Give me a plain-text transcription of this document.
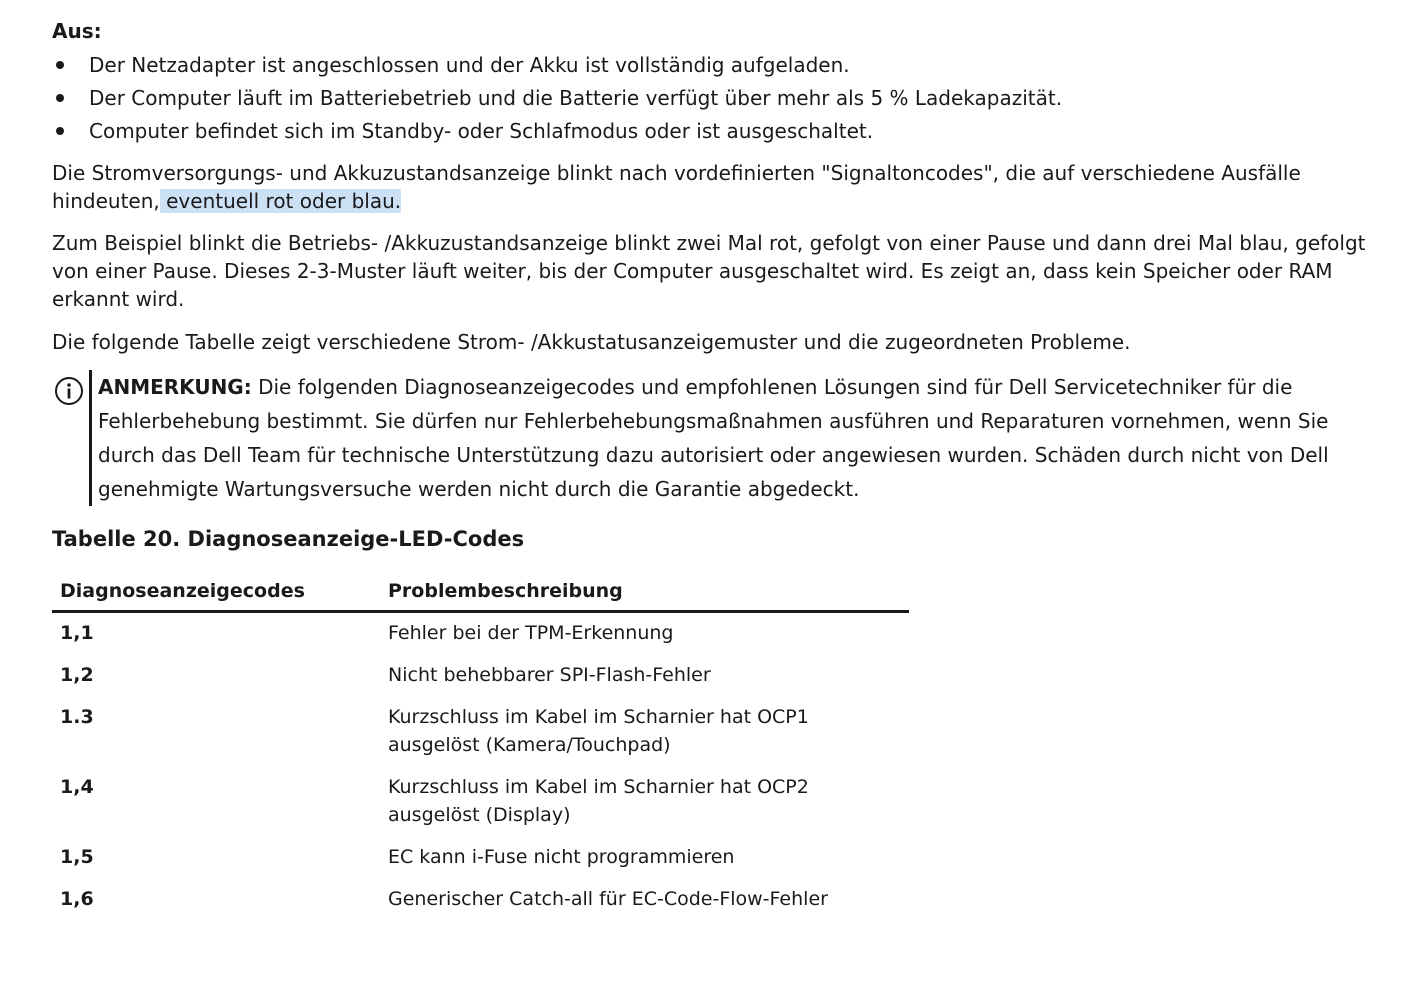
Aus:
Der Netzadapter ist angeschlossen und der Akku ist vollständig aufgeladen.
Der Computer läuft im Batteriebetrieb und die Batterie verfügt über mehr als 5 % Ladekapazität.
Computer befindet sich im Standby- oder Schlafmodus oder ist ausgeschaltet.

Die Stromversorgungs- und Akkuzustandsanzeige blinkt nach vordefinierten "Signaltoncodes", die auf verschiedene Ausfälle hindeuten, eventuell rot oder blau.

Zum Beispiel blinkt die Betriebs- /Akkuzustandsanzeige blinkt zwei Mal rot, gefolgt von einer Pause und dann drei Mal blau, gefolgt von einer Pause. Dieses 2-3-Muster läuft weiter, bis der Computer ausgeschaltet wird. Es zeigt an, dass kein Speicher oder RAM erkannt wird.

Die folgende Tabelle zeigt verschiedene Strom- /Akkustatusanzeigemuster und die zugeordneten Probleme.

ANMERKUNG: Die folgenden Diagnoseanzeigecodes und empfohlenen Lösungen sind für Dell Servicetechniker für die Fehlerbehebung bestimmt. Sie dürfen nur Fehlerbehebungsmaßnahmen ausführen und Reparaturen vornehmen, wenn Sie durch das Dell Team für technische Unterstützung dazu autorisiert oder angewiesen wurden. Schäden durch nicht von Dell genehmigte Wartungsversuche werden nicht durch die Garantie abgedeckt.

Tabelle 20. Diagnoseanzeige-LED-Codes
Diagnoseanzeigecodes	Problembeschreibung	
1,1	Fehler bei der TPM-Erkennung	
1,2	Nicht behebbarer SPI-Flash-Fehler	
1.3	Kurzschluss im Kabel im Scharnier hat OCP1 ausgelöst (Kamera/Touchpad)	
1,4	Kurzschluss im Kabel im Scharnier hat OCP2 ausgelöst (Display)	
1,5	EC kann i-Fuse nicht programmieren	
1,6	Generischer Catch-all für EC-Code-Flow-Fehler	
